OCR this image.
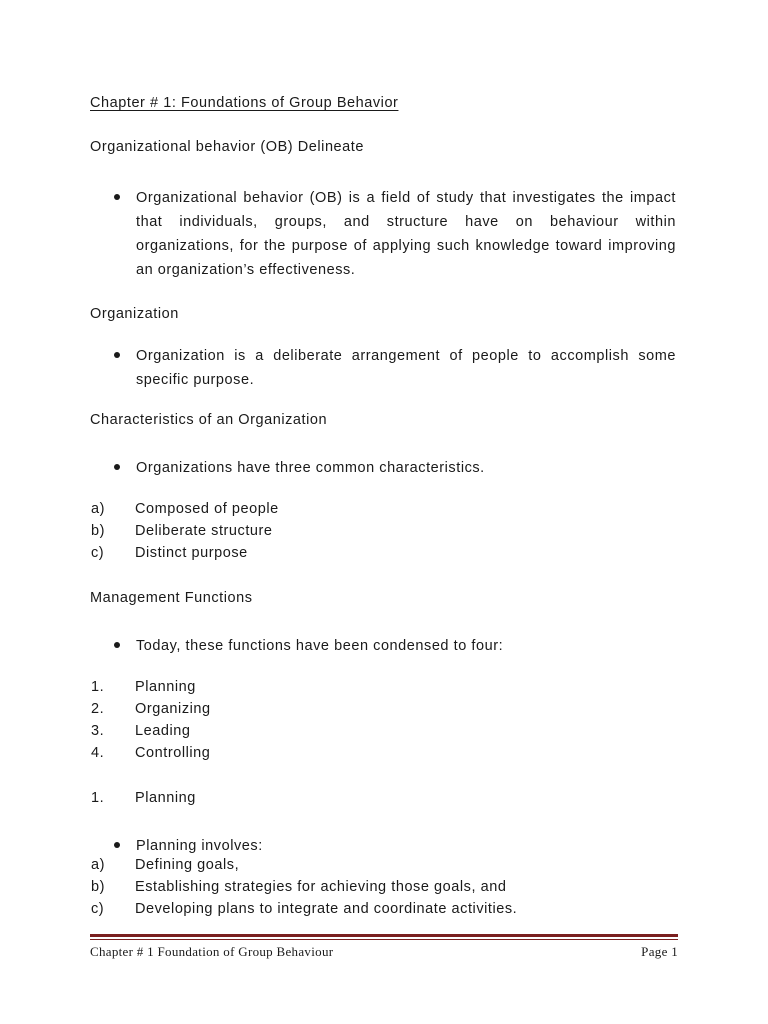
Chapter # 1: Foundations of Group Behavior
Organizational behavior (OB) Delineate
Organizational behavior (OB) is a field of study that investigates the impact that individuals, groups, and structure have on behaviour within organizations, for the purpose of applying such knowledge toward improving an organization’s effectiveness.
Organization
Organization is a deliberate arrangement of people to accomplish some specific purpose.
Characteristics of an Organization
Organizations have three common characteristics.
a) Composed of people
b) Deliberate structure
c) Distinct purpose
Management Functions
Today, these functions have been condensed to four:
1. Planning
2. Organizing
3. Leading
4. Controlling
1. Planning
Planning involves:
a) Defining goals,
b) Establishing strategies for achieving those goals, and
c) Developing plans to integrate and coordinate activities.
Chapter # 1 Foundation of Group Behaviour	Page 1
